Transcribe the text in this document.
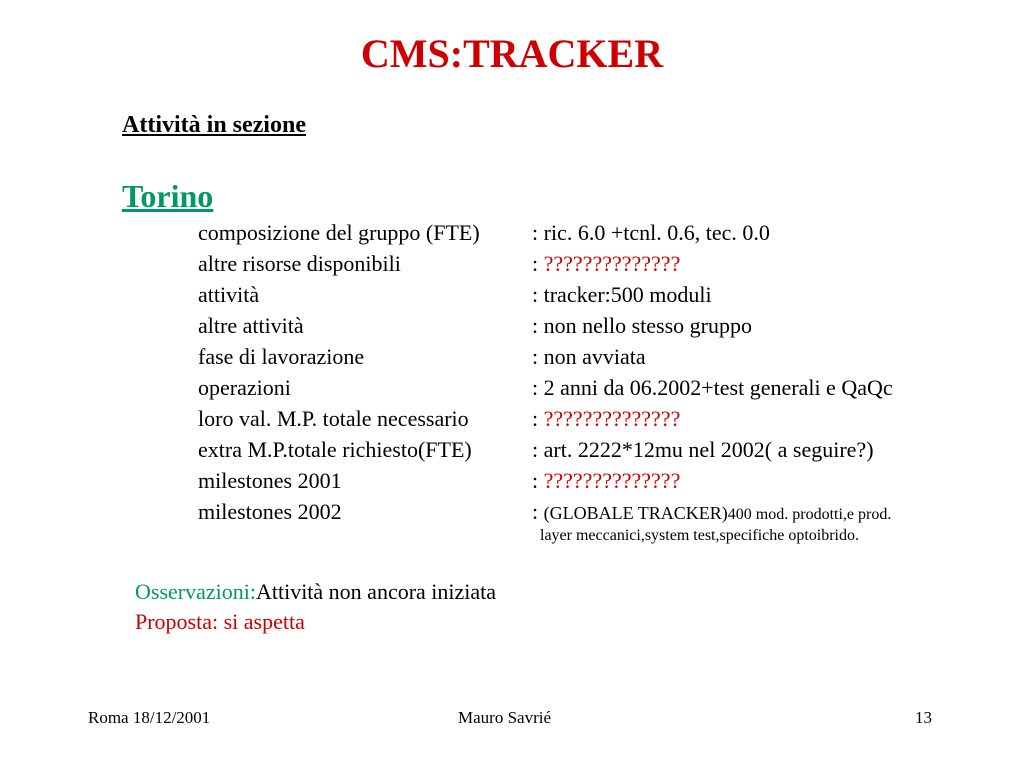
CMS:TRACKER
Attività in sezione
Torino
composizione del gruppo (FTE) : ric. 6.0 +tcnl. 0.6, tec. 0.0
altre risorse disponibili	: ??????????????
attività	: tracker:500 moduli
altre attività	: non nello stesso gruppo
fase di lavorazione	: non avviata
operazioni	: 2 anni da 06.2002+test generali e QaQc
loro val. M.P. totale necessario	: ??????????????
extra M.P.totale richiesto(FTE)	: art. 2222*12mu nel 2002( a seguire?)
milestones 2001	: ??????????????
milestones 2002	: (GLOBALE TRACKER)400 mod. prodotti,e prod.
layer meccanici,system test,specifiche optoibrido.
Osservazioni:Attività non ancora iniziata
Proposta: si aspetta
Roma 18/12/2001	Mauro Savrié	13
